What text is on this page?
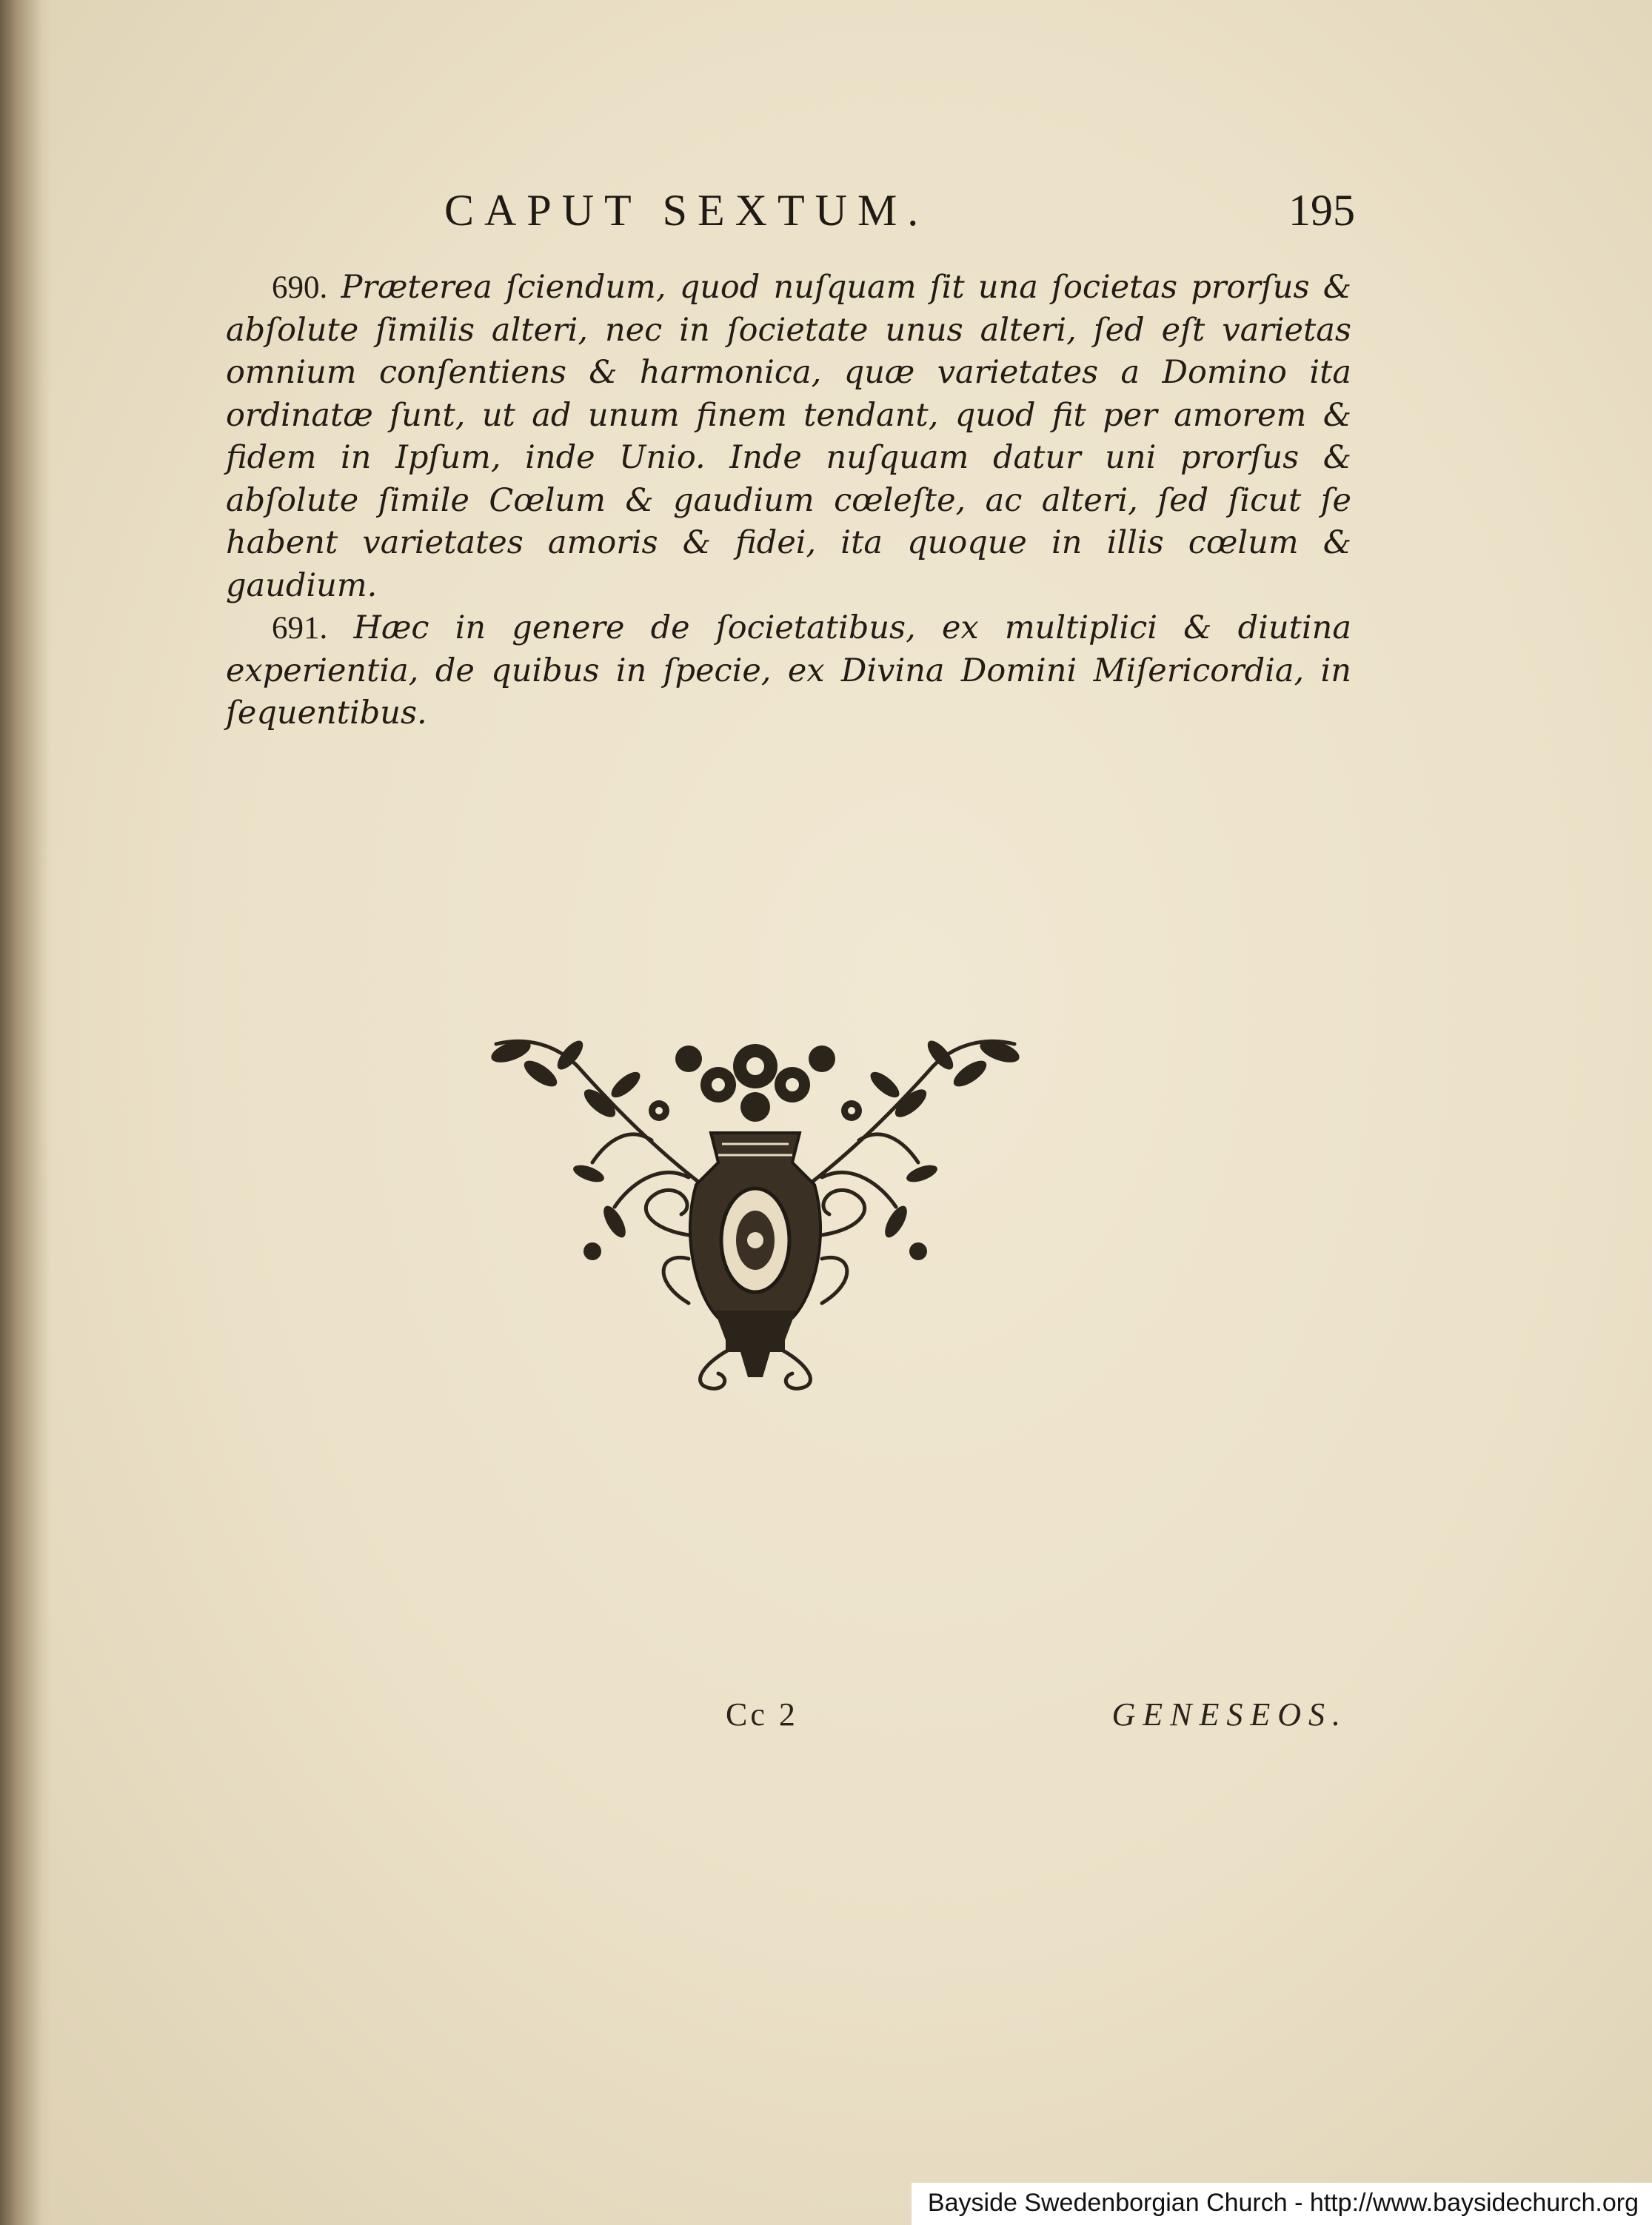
CAPUT SEXTUM.	195

690. Præterea ſciendum, quod nuſquam ſit una ſocietas prorſus & abſolute ſimilis alteri, nec in ſocietate unus alteri, ſed eſt varietas omnium conſentiens & harmonica, quæ varietates a Domino ita ordinatæ ſunt, ut ad unum finem tendant, quod fit per amorem & fidem in Ipſum, inde Unio. Inde nuſquam datur uni prorſus & abſolute ſimile Cœlum & gaudium cœleſte, ac alteri, ſed ſicut ſe habent varietates amoris & fidei, ita quoque in illis cœlum & gaudium.

691. Hæc in genere de ſocietatibus, ex multiplici & diutina experientia, de quibus in ſpecie, ex Divina Domini Miſericordia, in ſequentibus.

Cc 2	GENESEOS.
Bayside Swedenborgian Church - http://www.baysidechurch.org
